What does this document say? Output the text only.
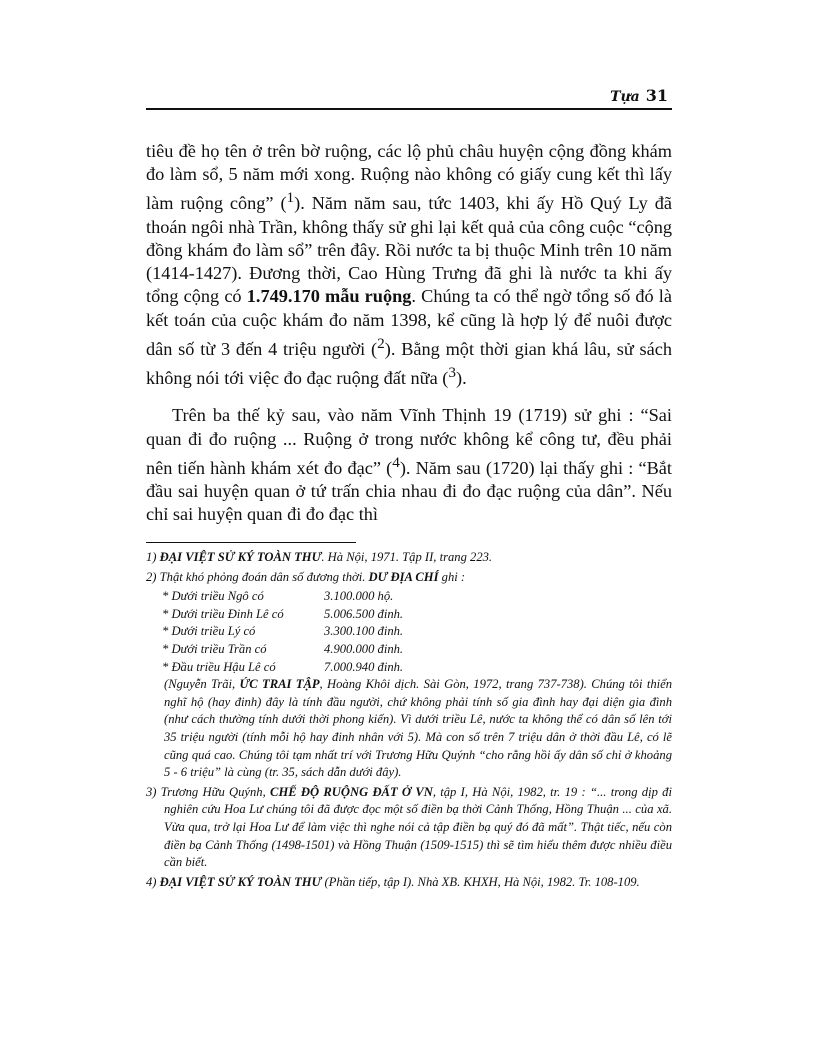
Tựa 31

tiêu đề họ tên ở trên bờ ruộng, các lộ phủ châu huyện cộng đồng khám đo làm sổ, 5 năm mới xong. Ruộng nào không có giấy cung kết thì lấy làm ruộng công” ($^1$). Năm năm sau, tức 1403, khi ấy Hồ Quý Ly đã thoán ngôi nhà Trần, không thấy sử ghi lại kết quả của công cuộc “cộng đồng khám đo làm sổ” trên đây. Rồi nước ta bị thuộc Minh trên 10 năm (1414-1427). Đương thời, Cao Hùng Trưng đã ghi là nước ta khi ấy tổng cộng có 1.749.170 mẫu ruộng. Chúng ta có thể ngờ tổng số đó là kết toán của cuộc khám đo năm 1398, kể cũng là hợp lý để nuôi được dân số từ 3 đến 4 triệu người ($^2$). Bằng một thời gian khá lâu, sử sách không nói tới việc đo đạc ruộng đất nữa ($^3$).

Trên ba thế kỷ sau, vào năm Vĩnh Thịnh 19 (1719) sử ghi : “Sai quan đi đo ruộng ... Ruộng ở trong nước không kể công tư, đều phải nên tiến hành khám xét đo đạc” ($^4$). Năm sau (1720) lại thấy ghi : “Bắt đầu sai huyện quan ở tứ trấn chia nhau đi đo đạc ruộng của dân”. Nếu chỉ sai huyện quan đi đo đạc thì

1) ĐẠI VIỆT SỬ KÝ TOÀN THƯ. Hà Nội, 1971. Tập II, trang 223.

2) Thật khó phỏng đoán dân số đương thời. DƯ ĐỊA CHÍ ghi :

* Dưới triều Ngô có	3.100.000 hộ.
* Dưới triều Đinh Lê có	5.006.500 đinh.
* Dưới triều Lý có	3.300.100 đinh.
* Dưới triều Trần có	4.900.000 đinh.
* Đầu triều Hậu Lê có	7.000.940 đinh.

(Nguyễn Trãi, ỨC TRAI TẬP, Hoàng Khôi dịch. Sài Gòn, 1972, trang 737-738). Chúng tôi thiển nghĩ hộ (hay đinh) đây là tính đầu người, chứ không phải tính số gia đình hay đại diện gia đình (như cách thường tính dưới thời phong kiến). Vì dưới triều Lê, nước ta không thể có dân số lên tới 35 triệu người (tính mỗi hộ hay đinh nhân với 5). Mà con số trên 7 triệu dân ở thời đầu Lê, có lẽ cũng quá cao. Chúng tôi tạm nhất trí với Trương Hữu Quýnh “cho rằng hồi ấy dân số chỉ ở khoảng 5 - 6 triệu” là cùng (tr. 35, sách dẫn dưới đây).

3) Trương Hữu Quýnh, CHẾ ĐỘ RUỘNG ĐẤT Ở VN, tập I, Hà Nội, 1982, tr. 19 : “... trong dịp đi nghiên cứu Hoa Lư chúng tôi đã được đọc một số điền bạ thời Cảnh Thống, Hồng Thuận ... của xã. Vừa qua, trở lại Hoa Lư để làm việc thì nghe nói cả tập điền bạ quý đó đã mất”. Thật tiếc, nếu còn điền bạ Cảnh Thống (1498-1501) và Hồng Thuận (1509-1515) thì sẽ tìm hiểu thêm được nhiều điều cần biết.

4) ĐẠI VIỆT SỬ KÝ TOÀN THƯ (Phần tiếp, tập I). Nhà XB. KHXH, Hà Nội, 1982. Tr. 108-109.
